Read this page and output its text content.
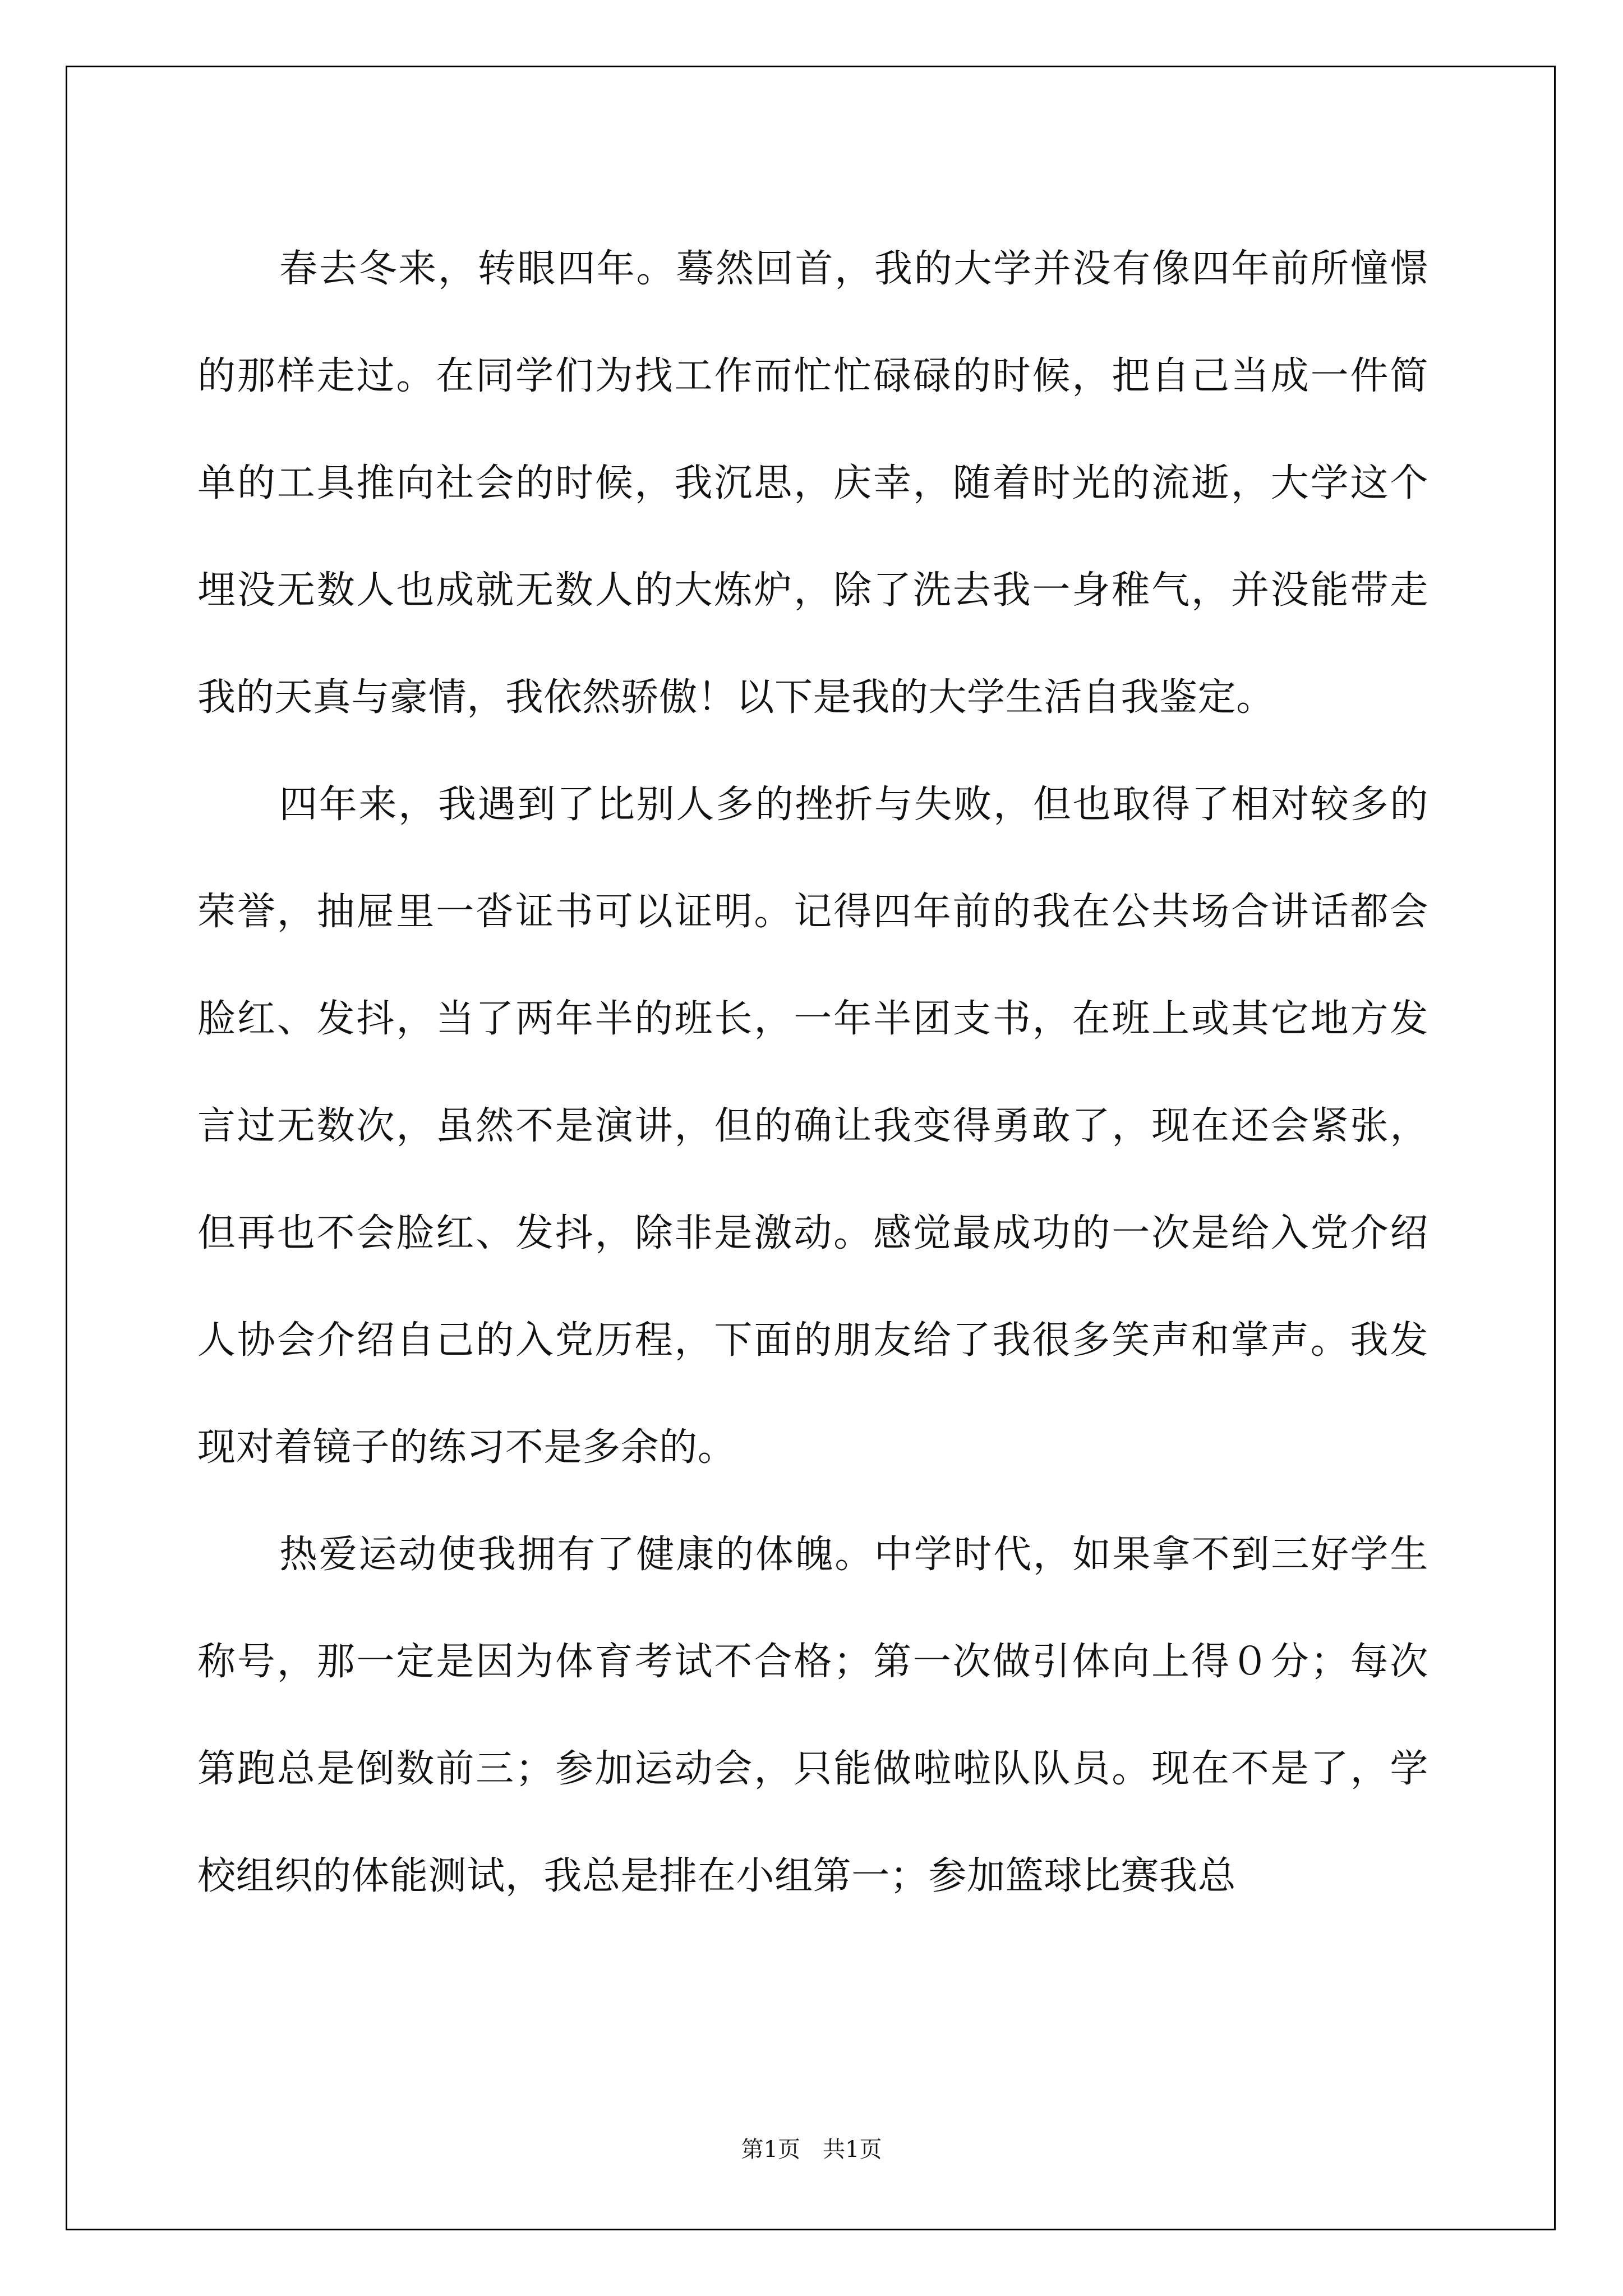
春去冬来，转眼四年。蓦然回首，我的大学并没有像四年前所憧憬的那样走过。在同学们为找工作而忙忙碌碌的时候，把自己当成一件简单的工具推向社会的时候，我沉思，庆幸，随着时光的流逝，大学这个埋没无数人也成就无数人的大炼炉，除了洗去我一身稚气，并没能带走我的天真与豪情，我依然骄傲！以下是我的大学生活自我鉴定。

四年来，我遇到了比别人多的挫折与失败，但也取得了相对较多的荣誉，抽屉里一沓证书可以证明。记得四年前的我在公共场合讲话都会脸红、发抖，当了两年半的班长，一年半团支书，在班上或其它地方发言过无数次，虽然不是演讲，但的确让我变得勇敢了，现在还会紧张，但再也不会脸红、发抖，除非是激动。感觉最成功的一次是给入党介绍人协会介绍自己的入党历程，下面的朋友给了我很多笑声和掌声。我发现对着镜子的练习不是多余的。

热爱运动使我拥有了健康的体魄。中学时代，如果拿不到三好学生称号，那一定是因为体育考试不合格；第一次做引体向上得０分；每次第跑总是倒数前三；参加运动会，只能做啦啦队队员。现在不是了，学校组织的体能测试，我总是排在小组第一；参加篮球比赛我总

第1页　共1页
